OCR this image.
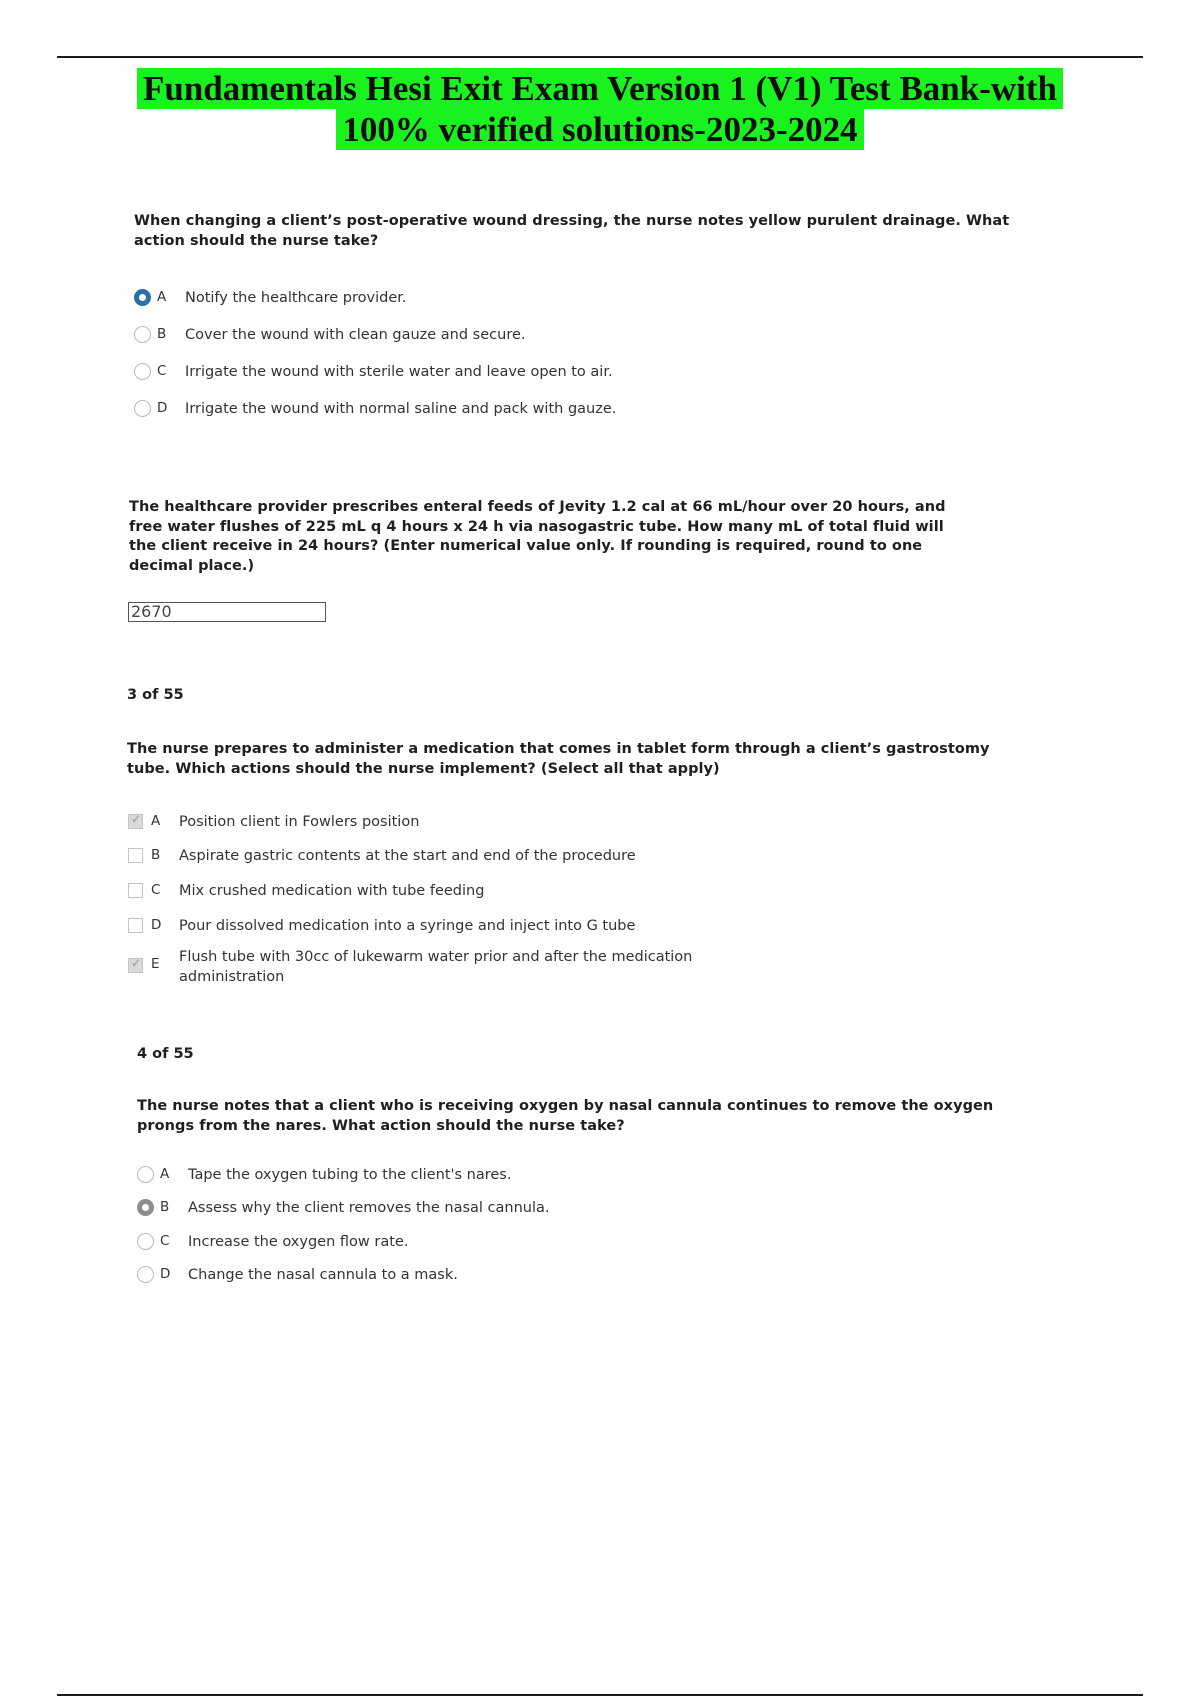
Fundamentals Hesi Exit Exam Version 1 (V1) Test Bank-with
100% verified solutions-2023-2024
When changing a client’s post-operative wound dressing, the nurse notes yellow purulent drainage. What action should the nurse take?
A	Notify the healthcare provider.
B	Cover the wound with clean gauze and secure.
C	Irrigate the wound with sterile water and leave open to air.
D	Irrigate the wound with normal saline and pack with gauze.
The healthcare provider prescribes enteral feeds of Jevity 1.2 cal at 66 mL/hour over 20 hours, and free water flushes of 225 mL q 4 hours x 24 h via nasogastric tube. How many mL of total fluid will the client receive in 24 hours? (Enter numerical value only. If rounding is required, round to one decimal place.)
2670
3 of 55
The nurse prepares to administer a medication that comes in tablet form through a client’s gastrostomy tube. Which actions should the nurse implement? (Select all that apply)
✓
A	Position client in Fowlers position
B	Aspirate gastric contents at the start and end of the procedure
C	Mix crushed medication with tube feeding
D	Pour dissolved medication into a syringe and inject into G tube
✓
E	Flush tube with 30cc of lukewarm water prior and after the medication administration
4 of 55
The nurse notes that a client who is receiving oxygen by nasal cannula continues to remove the oxygen prongs from the nares. What action should the nurse take?
A	Tape the oxygen tubing to the client's nares.
B	Assess why the client removes the nasal cannula.
C	Increase the oxygen flow rate.
D	Change the nasal cannula to a mask.
